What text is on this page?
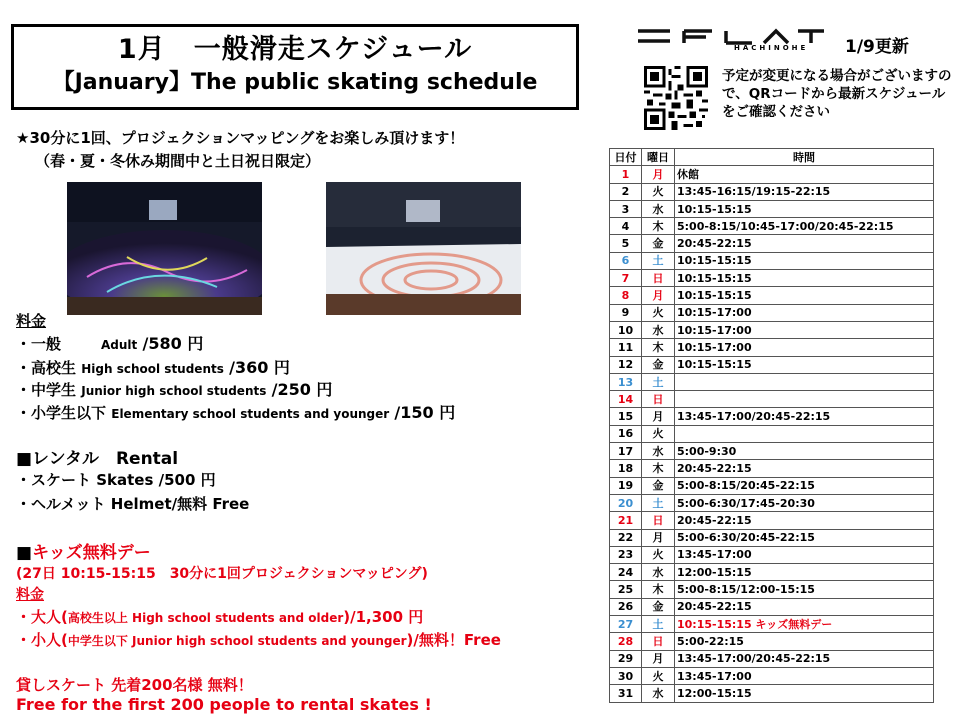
1月　一般滑走スケジュール
【January】The public skating schedule
HACHINOHE 1/9更新
予定が変更になる場合がございますので、QRコードから最新スケジュールをご確認ください
★30分に1回、プロジェクションマッピングをお楽しみ頂けます！
（春・夏・冬休み期間中と土日祝日限定）
料金
・一般	Adult /580 円
・高校生 High school students /360 円
・中学生 Junior high school students /250 円
・小学生以下 Elementary school students and younger /150 円
■レンタル　Rental
・スケート Skates /500 円
・ヘルメット Helmet/無料 Free
■キッズ無料デー
(27日 10:15-15:15　30分に1回プロジェクションマッピング)
料金
・大人(高校生以上 High school students and older)/1,300 円
・小人(中学生以下 Junior high school students and younger)/無料！Free
貸しスケート 先着200名様 無料！
Free for the first 200 people to rental skates !
日付	曜日	時間
1	月	休館
2	火	13:45-16:15/19:15-22:15
3	水	10:15-15:15
4	木	5:00-8:15/10:45-17:00/20:45-22:15
5	金	20:45-22:15
6	土	10:15-15:15
7	日	10:15-15:15
8	月	10:15-15:15
9	火	10:15-17:00
10	水	10:15-17:00
11	木	10:15-17:00
12	金	10:15-15:15
13	土	
14	日	
15	月	13:45-17:00/20:45-22:15
16	火	
17	水	5:00-9:30
18	木	20:45-22:15
19	金	5:00-8:15/20:45-22:15
20	土	5:00-6:30/17:45-20:30
21	日	20:45-22:15
22	月	5:00-6:30/20:45-22:15
23	火	13:45-17:00
24	水	12:00-15:15
25	木	5:00-8:15/12:00-15:15
26	金	20:45-22:15
27	土	10:15-15:15 キッズ無料デー
28	日	5:00-22:15
29	月	13:45-17:00/20:45-22:15
30	火	13:45-17:00
31	水	12:00-15:15
